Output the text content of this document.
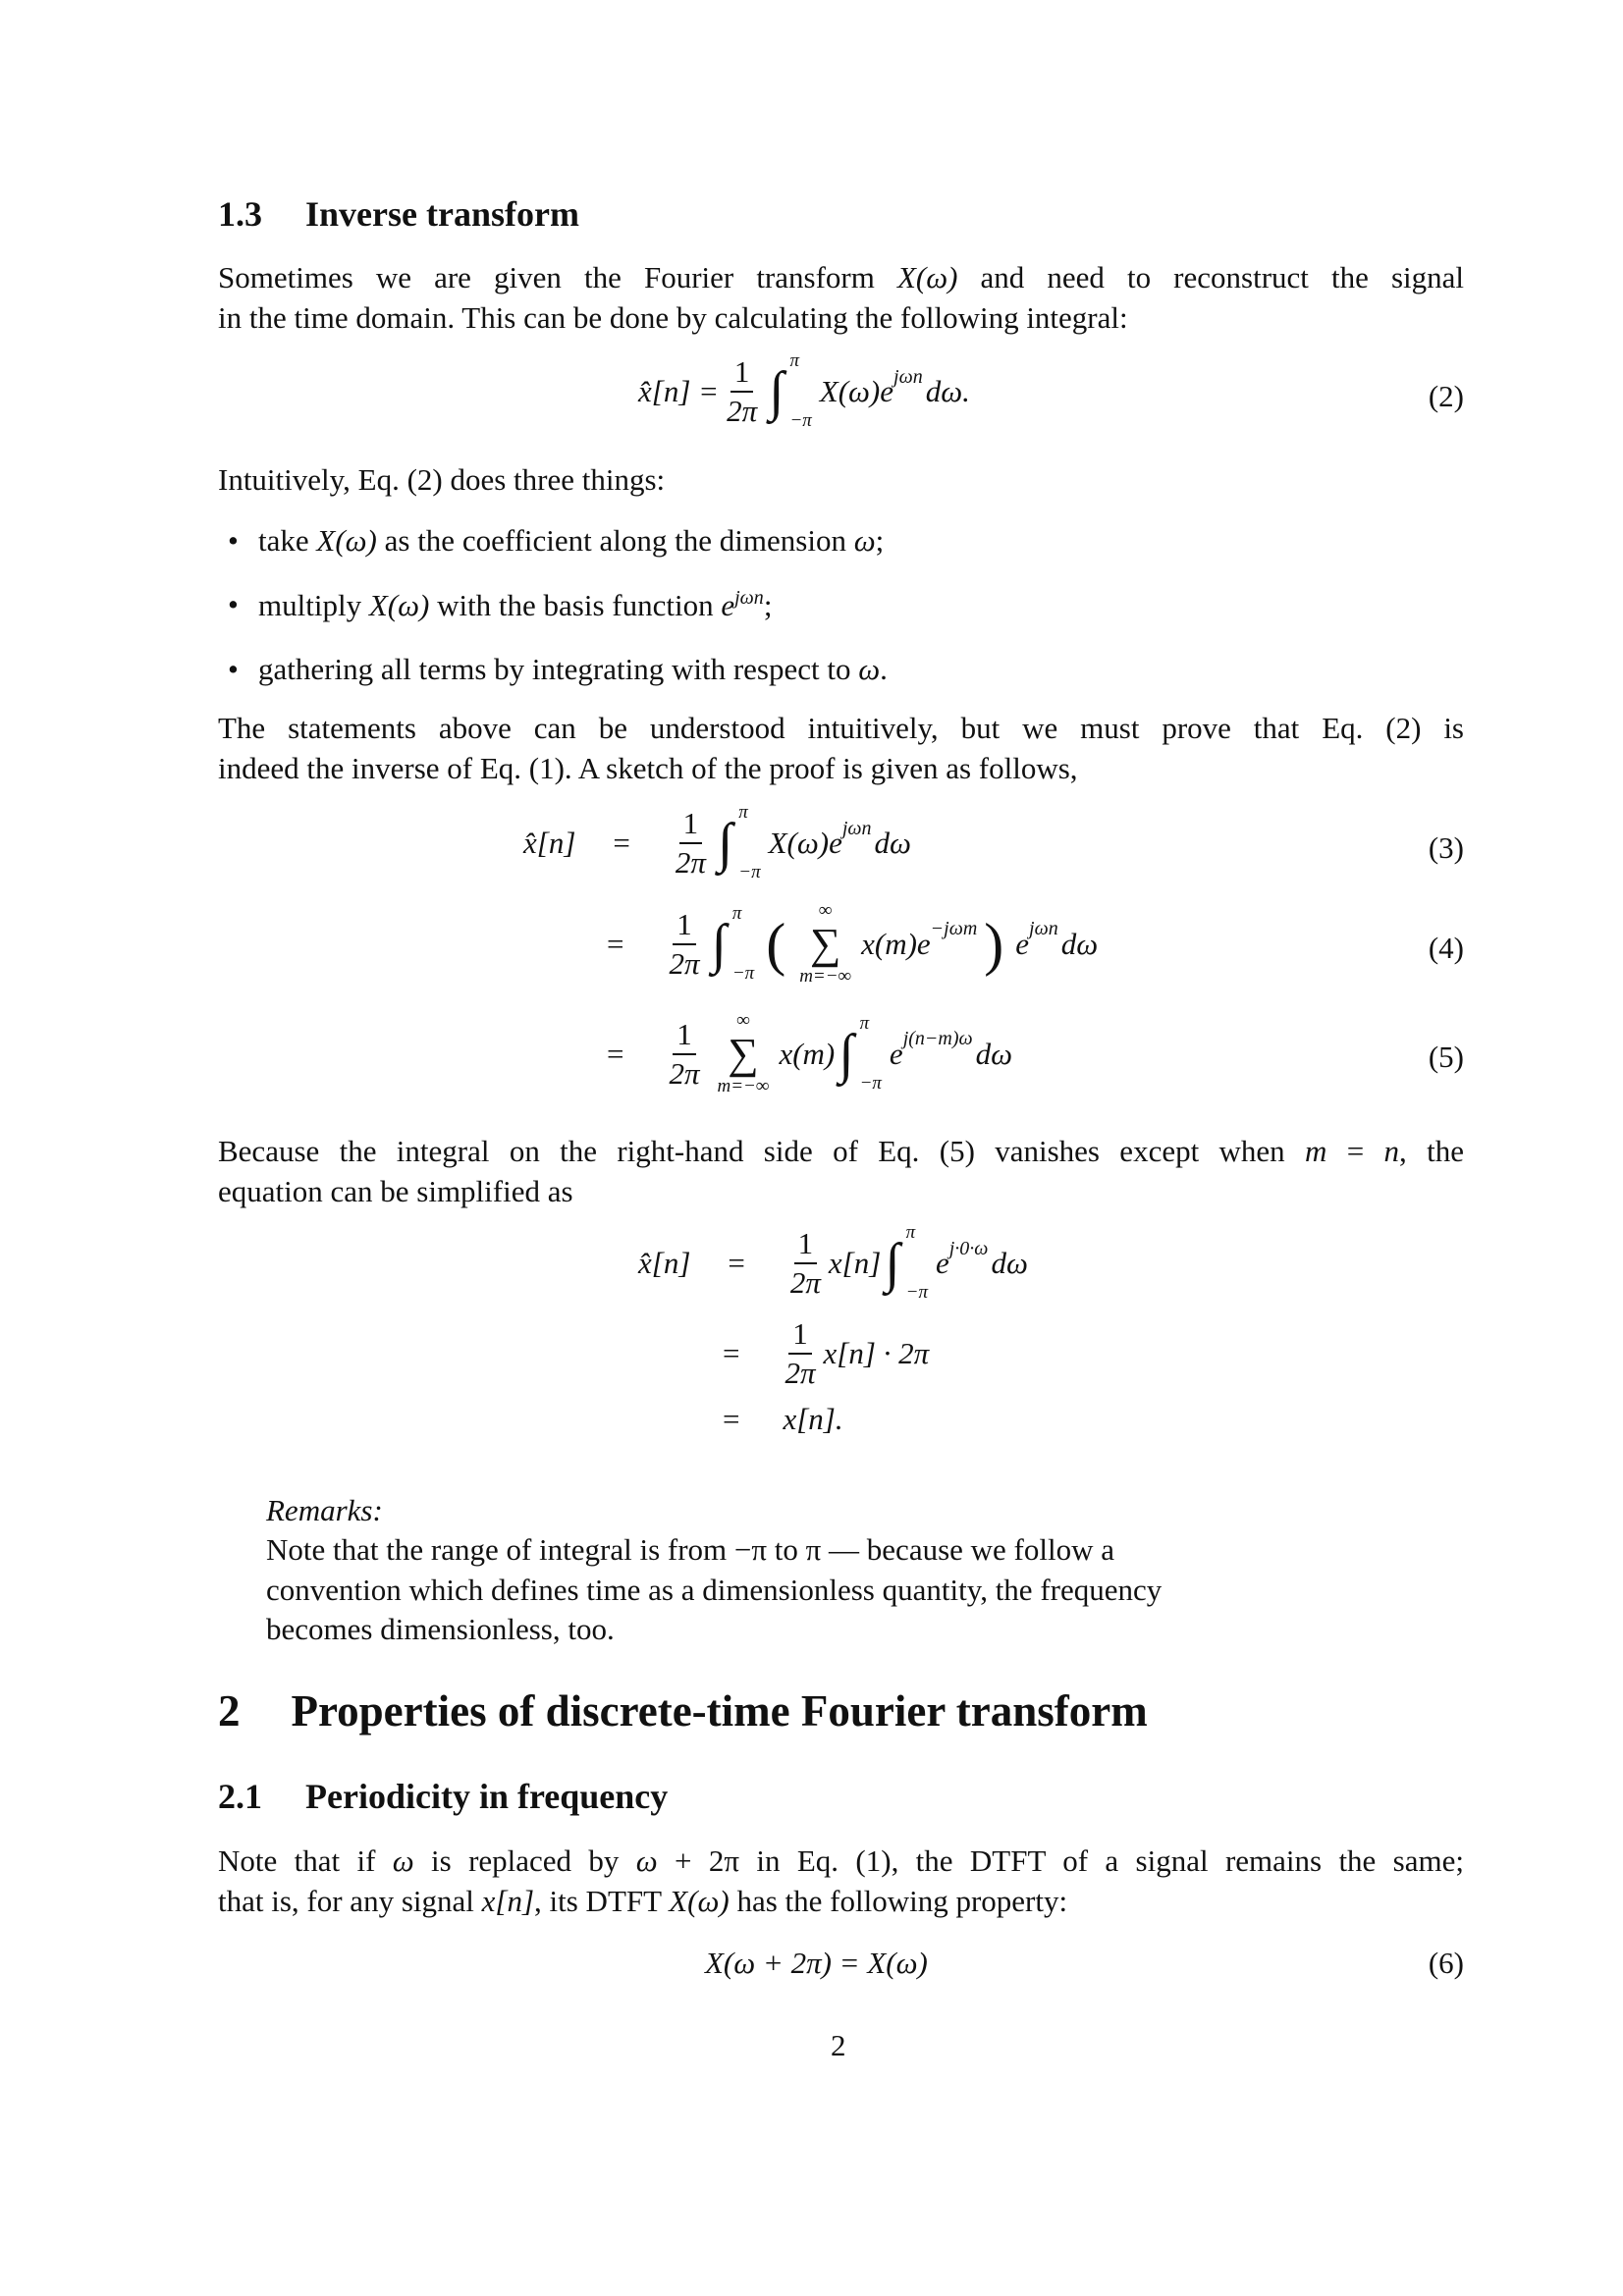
1.3 Inverse transform
Sometimes we are given the Fourier transform X(ω) and need to reconstruct the signal
in the time domain. This can be done by calculating the following integral:
x̂[n] = $\frac{1}{2\pi}$ ∫
π
−π
X(ω)e jωn dω.	(2)
Intuitively, Eq. (2) does three things:
• take X(ω) as the coefficient along the dimension ω;
• multiply X(ω) with the basis function $e^{j\omega n}$;
• gathering all terms by integrating with respect to ω.
The statements above can be understood intuitively, but we must prove that Eq. (2) is
indeed the inverse of Eq. (1). A sketch of the proof is given as follows,
x̂[n] = $\frac{1}{2\pi}$ ∫
π
−π
X(ω)e jωn dω	(3)
= $\frac{1}{2\pi}$ ∫
π
−π (
∞
∑
m=−∞
x(m)e −jωm ) e jωn dω	(4)
= $\frac{1}{2\pi}$ ∞
∑
m=−∞
x(m) ∫
π
−π
e j(n−m)ω dω	(5)
Because the integral on the right-hand side of Eq. (5) vanishes except when m = n, the
equation can be simplified as
x̂[n] = $\frac{1}{2\pi} x[n]$ ∫
π
−π
e j·0·ω dω
= $\frac{1}{2\pi} x[n] \cdot 2\pi$
= x[n].
Remarks:
Note that the range of integral is from −π to π — because we follow a
convention which defines time as a dimensionless quantity, the frequency
becomes dimensionless, too.
2 Properties of discrete-time Fourier transform
2.1 Periodicity in frequency
Note that if ω is replaced by ω + 2π in Eq. (1), the DTFT of a signal remains the same;
that is, for any signal x[n], its DTFT X(ω) has the following property:
X(ω + 2π) = X(ω)	(6)
2
